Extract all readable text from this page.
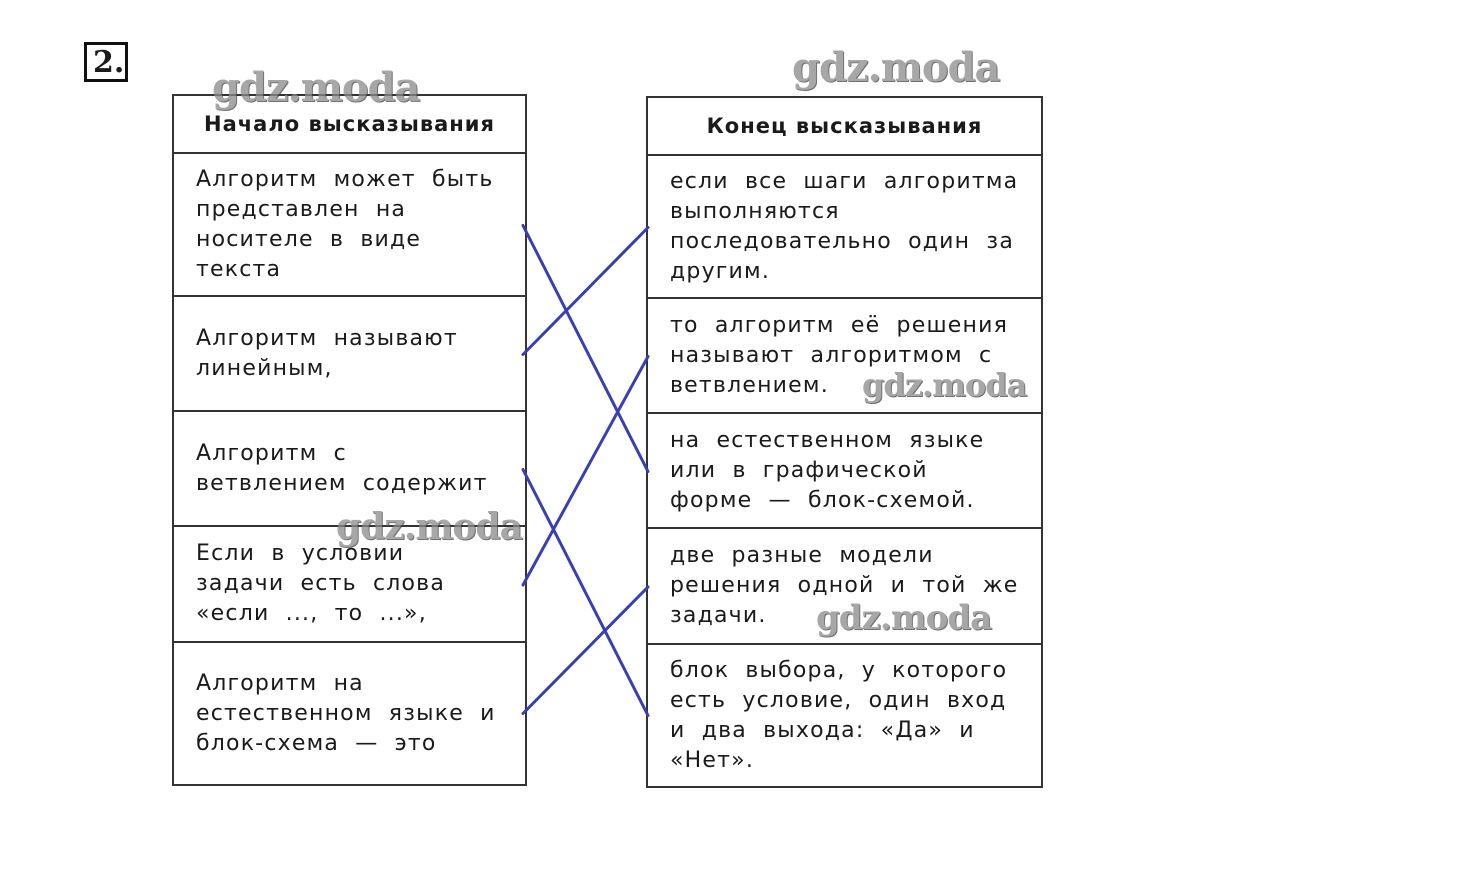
2.
Начало высказывания
Алгоритм может быть представлен на носителе в виде текста
Алгоритм называют линейным,
Алгоритм с ветвлением содержит
Если в условии задачи есть слова «если ..., то ...»,
Алгоритм на естественном языке и блок-схема — это
Конец высказывания
если все шаги алгоритма выполняются последовательно один за другим.
то алгоритм её решения называют алгоритмом с ветвлением.
на естественном языке или в графической форме — блок-схемой.
две разные модели решения одной и той же задачи.
блок выбора, у которого есть условие, один вход и два выхода: «Да» и «Нет».
gdz.moda	gdz.moda
gdz.moda
gdz.moda
gdz.moda
